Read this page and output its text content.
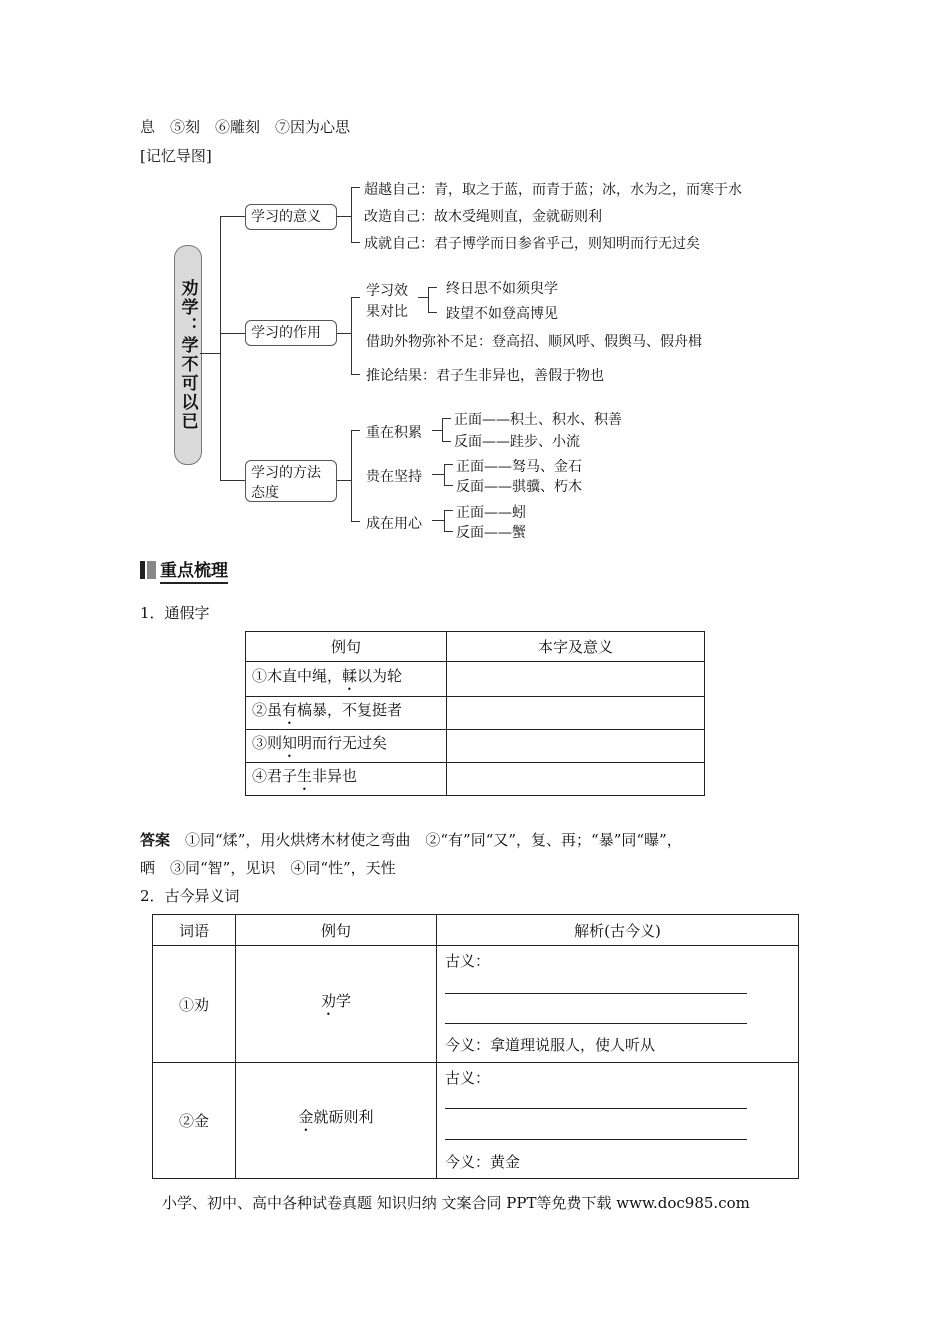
息　⑤刻　⑥雕刻　⑦因为心思
[记忆导图]
劝学：学不可以已
学习的意义
超越自己：青，取之于蓝，而青于蓝；冰，水为之，而寒于水
改造自己：故木受绳则直，金就砺则利
成就自己：君子博学而日参省乎己，则知明而行无过矣
学习的作用
学习效
果对比
终日思不如须臾学
跂望不如登高博见
借助外物弥补不足：登高招、顺风呼、假舆马、假舟楫
推论结果：君子生非异也，善假于物也
学习的方法
态度
重在积累
正面——积土、积水、积善
反面——跬步、小流
贵在坚持
正面——驽马、金石
反面——骐骥、朽木
成在用心
正面——蚓
反面——蟹
重点梳理
1．通假字
例句	本字及意义
①木直中绳，輮以为轮	
②虽有槁暴，不复挺者	
③则知明而行无过矣	
④君子生非异也	
答案　 ①同“煣”，用火烘烤木材使之弯曲　②“有”同“又”，复、再；“暴”同“曝”，
晒　③同“智”，见识　④同“性”，天性
2．古今异义词
词语	例句	解析(古今义)
①劝	劝学	古义：
今义：拿道理说服人，使人听从

②金	金就砺则利	古义：
今义：黄金
小学、初中、高中各种试卷真题 知识归纳 文案合同 PPT等免费下载 www.doc985.com
